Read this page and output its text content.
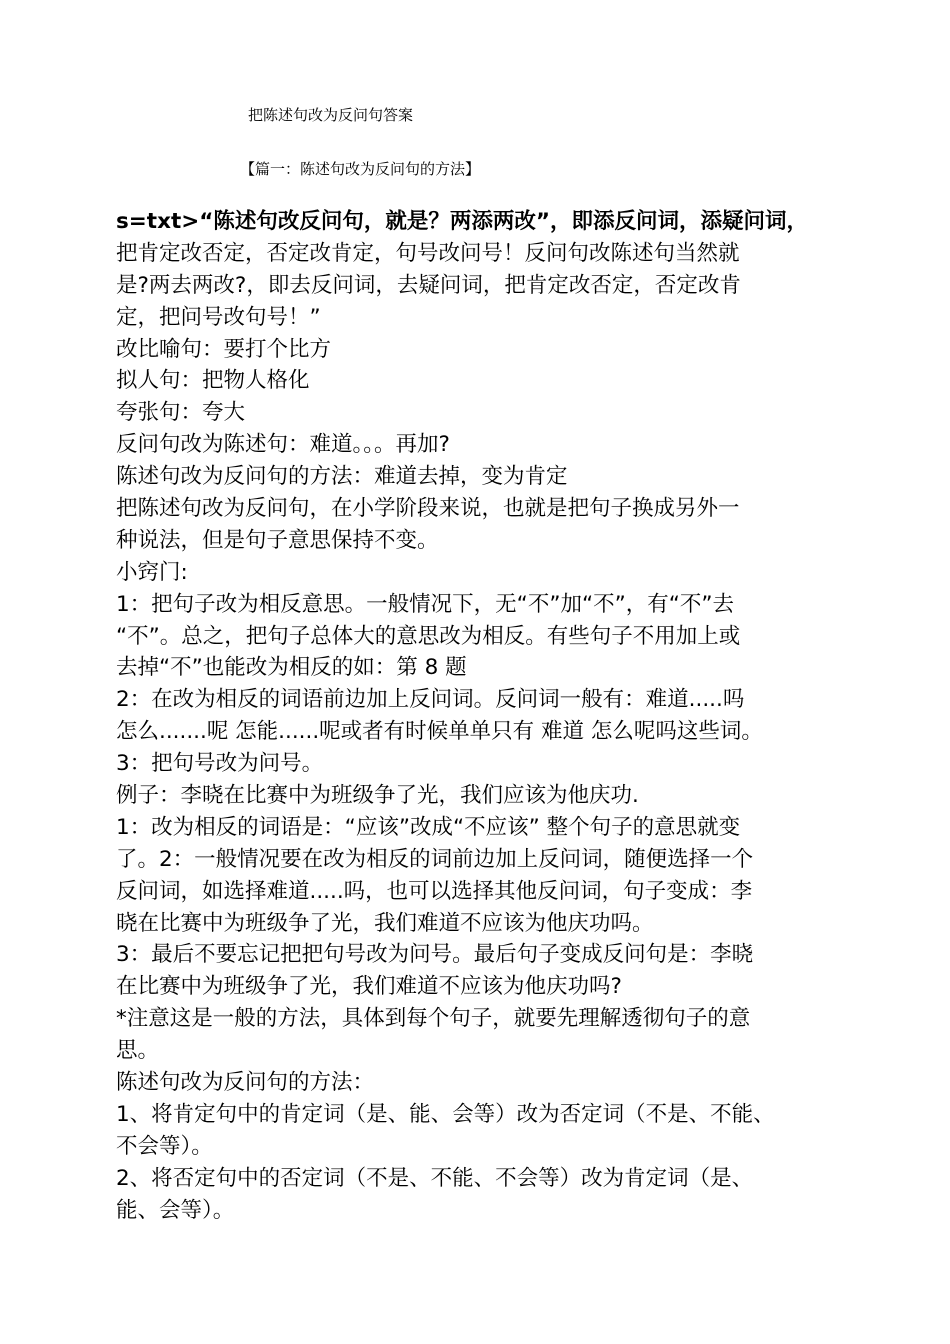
把陈述句改为反问句答案
【篇一：陈述句改为反问句的方法】
s=txt>“陈述句改反问句，就是？两添两改”，即添反问词，添疑问词，
把肯定改否定，否定改肯定，句号改问号！反问句改陈述句当然就
是?两去两改?，即去反问词，去疑问词，把肯定改否定，否定改肯
定，把问号改句号！”
改比喻句：要打个比方
拟人句：把物人格化
夸张句：夸大
反问句改为陈述句：难道。。。再加?
陈述句改为反问句的方法：难道去掉，变为肯定
把陈述句改为反问句，在小学阶段来说，也就是把句子换成另外一
种说法，但是句子意思保持不变。
小窍门:
1：把句子改为相反意思。一般情况下，无“不”加“不”，有“不”去
“不”。总之，把句子总体大的意思改为相反。有些句子不用加上或
去掉“不”也能改为相反的如：第 8 题
2：在改为相反的词语前边加上反问词。反问词一般有：难道.....吗
怎么.......呢 怎能......呢或者有时候单单只有 难道 怎么呢吗这些词。
3：把句号改为问号。
例子：李晓在比赛中为班级争了光，我们应该为他庆功.
1：改为相反的词语是：“应该”改成“不应该” 整个句子的意思就变
了。2：一般情况要在改为相反的词前边加上反问词，随便选择一个
反问词，如选择难道.....吗，也可以选择其他反问词，句子变成：李
晓在比赛中为班级争了光，我们难道不应该为他庆功吗。
3：最后不要忘记把把句号改为问号。最后句子变成反问句是：李晓
在比赛中为班级争了光，我们难道不应该为他庆功吗?
*注意这是一般的方法，具体到每个句子，就要先理解透彻句子的意
思。
陈述句改为反问句的方法：
1、将肯定句中的肯定词（是、能、会等）改为否定词（不是、不能、
不会等）。
2、将否定句中的否定词（不是、不能、不会等）改为肯定词（是、
能、会等）。
